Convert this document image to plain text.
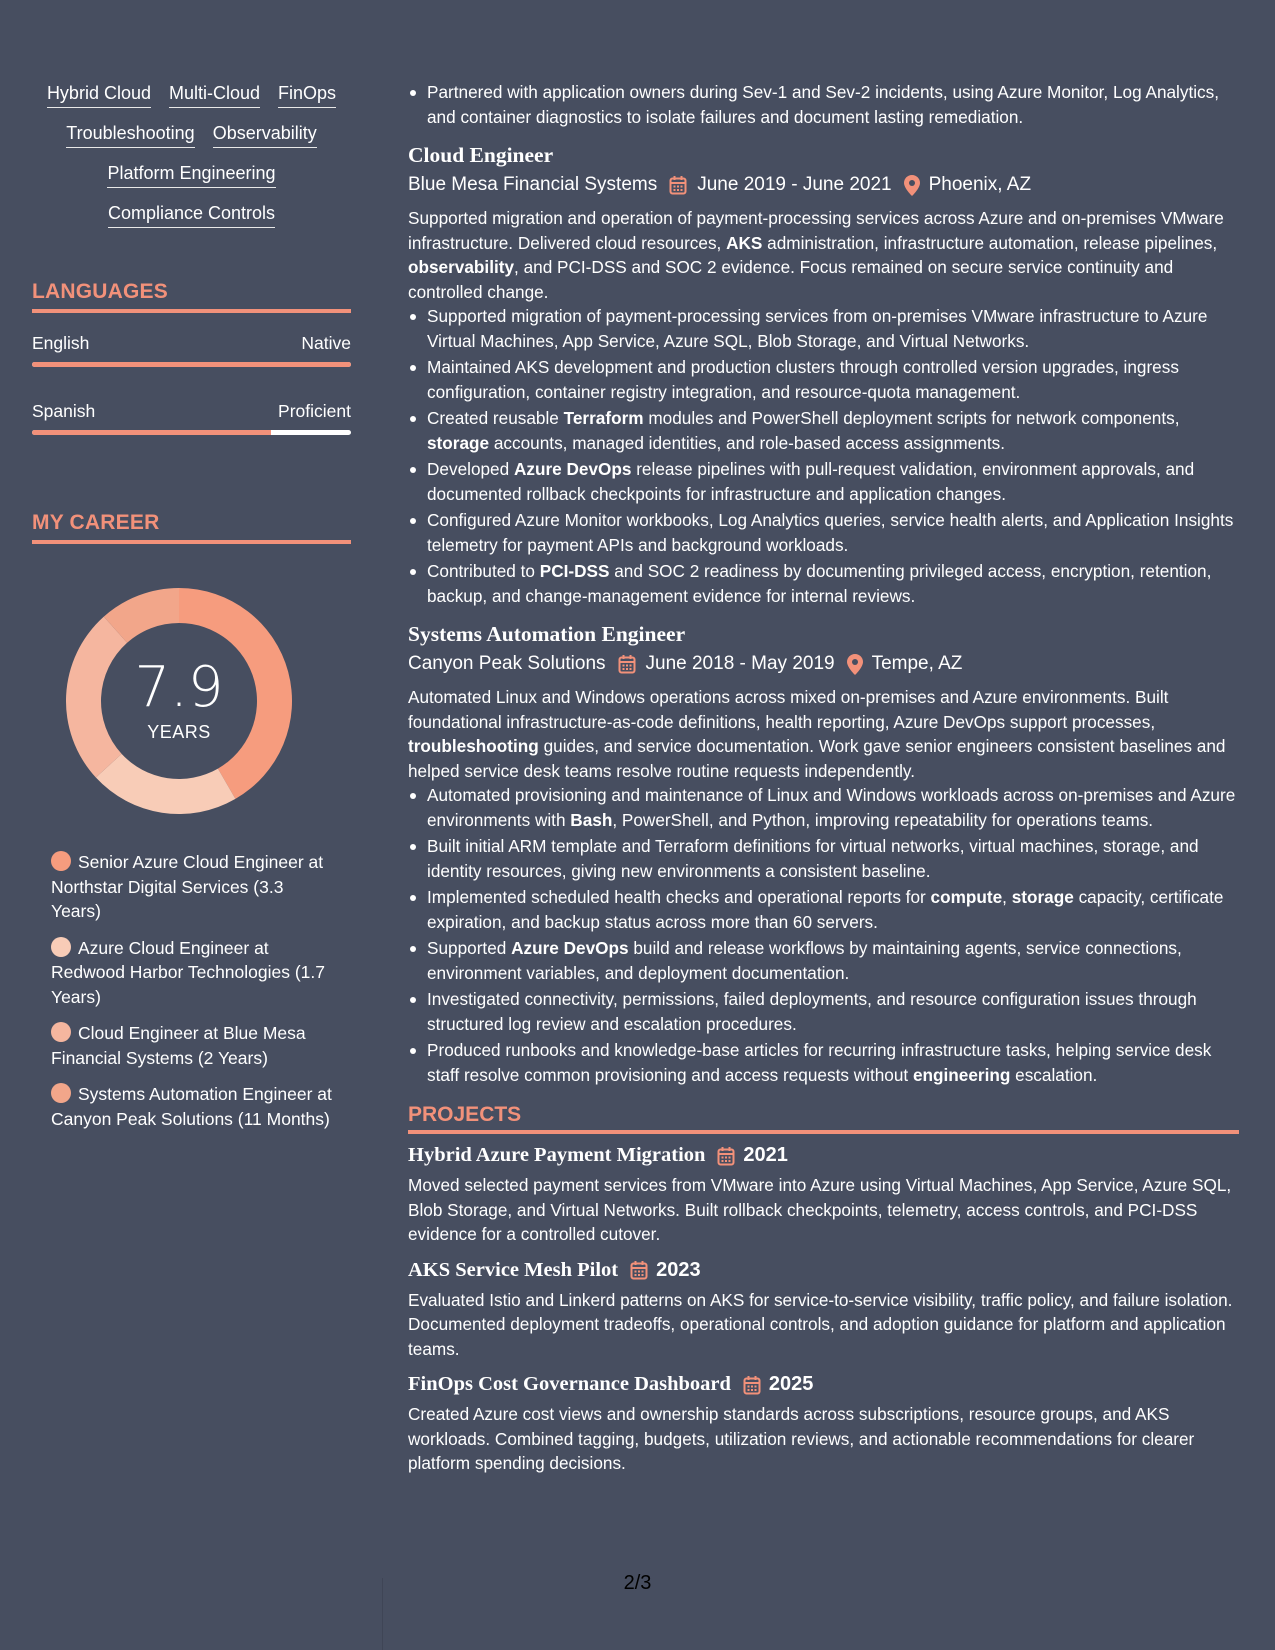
Hybrid Cloud Multi-Cloud FinOps
Troubleshooting Observability
Platform Engineering
Compliance Controls
LANGUAGES
English	Native
Spanish	Proficient
MY CAREER
7.9
YEARS
Senior Azure Cloud Engineer at Northstar Digital Services (3.3 Years)
Azure Cloud Engineer at Redwood Harbor Technologies (1.7 Years)
Cloud Engineer at Blue Mesa Financial Systems (2 Years)
Systems Automation Engineer at Canyon Peak Solutions (11 Months)
Partnered with application owners during Sev-1 and Sev-2 incidents, using Azure Monitor, Log Analytics, and container diagnostics to isolate failures and document lasting remediation.
Cloud Engineer
Blue Mesa Financial Systems June 2019 - June 2021 Phoenix, AZ
Supported migration and operation of payment-processing services across Azure and on-premises VMware infrastructure. Delivered cloud resources, AKS administration, infrastructure automation, release pipelines, observability, and PCI-DSS and SOC 2 evidence. Focus remained on secure service continuity and controlled change.
Supported migration of payment-processing services from on-premises VMware infrastructure to Azure Virtual Machines, App Service, Azure SQL, Blob Storage, and Virtual Networks.
Maintained AKS development and production clusters through controlled version upgrades, ingress configuration, container registry integration, and resource-quota management.
Created reusable Terraform modules and PowerShell deployment scripts for network components, storage accounts, managed identities, and role-based access assignments.
Developed Azure DevOps release pipelines with pull-request validation, environment approvals, and documented rollback checkpoints for infrastructure and application changes.
Configured Azure Monitor workbooks, Log Analytics queries, service health alerts, and Application Insights telemetry for payment APIs and background workloads.
Contributed to PCI-DSS and SOC 2 readiness by documenting privileged access, encryption, retention, backup, and change-management evidence for internal reviews.
Systems Automation Engineer
Canyon Peak Solutions June 2018 - May 2019 Tempe, AZ
Automated Linux and Windows operations across mixed on-premises and Azure environments. Built foundational infrastructure-as-code definitions, health reporting, Azure DevOps support processes, troubleshooting guides, and service documentation. Work gave senior engineers consistent baselines and helped service desk teams resolve routine requests independently.
Automated provisioning and maintenance of Linux and Windows workloads across on-premises and Azure environments with Bash, PowerShell, and Python, improving repeatability for operations teams.
Built initial ARM template and Terraform definitions for virtual networks, virtual machines, storage, and identity resources, giving new environments a consistent baseline.
Implemented scheduled health checks and operational reports for compute, storage capacity, certificate expiration, and backup status across more than 60 servers.
Supported Azure DevOps build and release workflows by maintaining agents, service connections, environment variables, and deployment documentation.
Investigated connectivity, permissions, failed deployments, and resource configuration issues through structured log review and escalation procedures.
Produced runbooks and knowledge-base articles for recurring infrastructure tasks, helping service desk staff resolve common provisioning and access requests without engineering escalation.
PROJECTS
Hybrid Azure Payment Migration 2021
Moved selected payment services from VMware into Azure using Virtual Machines, App Service, Azure SQL, Blob Storage, and Virtual Networks. Built rollback checkpoints, telemetry, access controls, and PCI-DSS evidence for a controlled cutover.
AKS Service Mesh Pilot 2023
Evaluated Istio and Linkerd patterns on AKS for service-to-service visibility, traffic policy, and failure isolation. Documented deployment tradeoffs, operational controls, and adoption guidance for platform and application teams.
FinOps Cost Governance Dashboard 2025
Created Azure cost views and ownership standards across subscriptions, resource groups, and AKS workloads. Combined tagging, budgets, utilization reviews, and actionable recommendations for clearer platform spending decisions.
2/3
